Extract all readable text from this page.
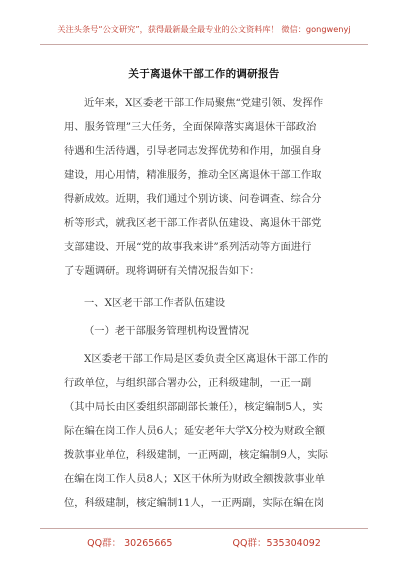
关注头条号“公文研究”，获得最新最全最专业的公文资料库！ 微信：gongwenyj
关于离退休干部工作的调研报告
近年来，X区委老干部工作局聚焦“党建引领、发挥作
用、服务管理”三大任务，全面保障落实离退休干部政治
待遇和生活待遇，引导老同志发挥优势和作用，加强自身
建设，用心用情，精准服务，推动全区离退休干部工作取
得新成效。近期，我们通过个别访谈、问卷调查、综合分
析等形式，就我区老干部工作者队伍建设、离退休干部党
支部建设、开展“党的故事我来讲”系列活动等方面进行
了专题调研。现将调研有关情况报告如下：
一、X区老干部工作者队伍建设
（一）老干部服务管理机构设置情况
X区委老干部工作局是区委负责全区离退休干部工作的
行政单位，与组织部合署办公，正科级建制，一正一副
（其中局长由区委组织部副部长兼任），核定编制5人，实
际在编在岗工作人员6人；延安老年大学X分校为财政全额
拨款事业单位，科级建制，一正两副，核定编制9人，实际
在编在岗工作人员8人；X区干休所为财政全额拨款事业单
位，科级建制，核定编制11人，一正两副，实际在编在岗
QQ群： 30265665	QQ群：535304092
